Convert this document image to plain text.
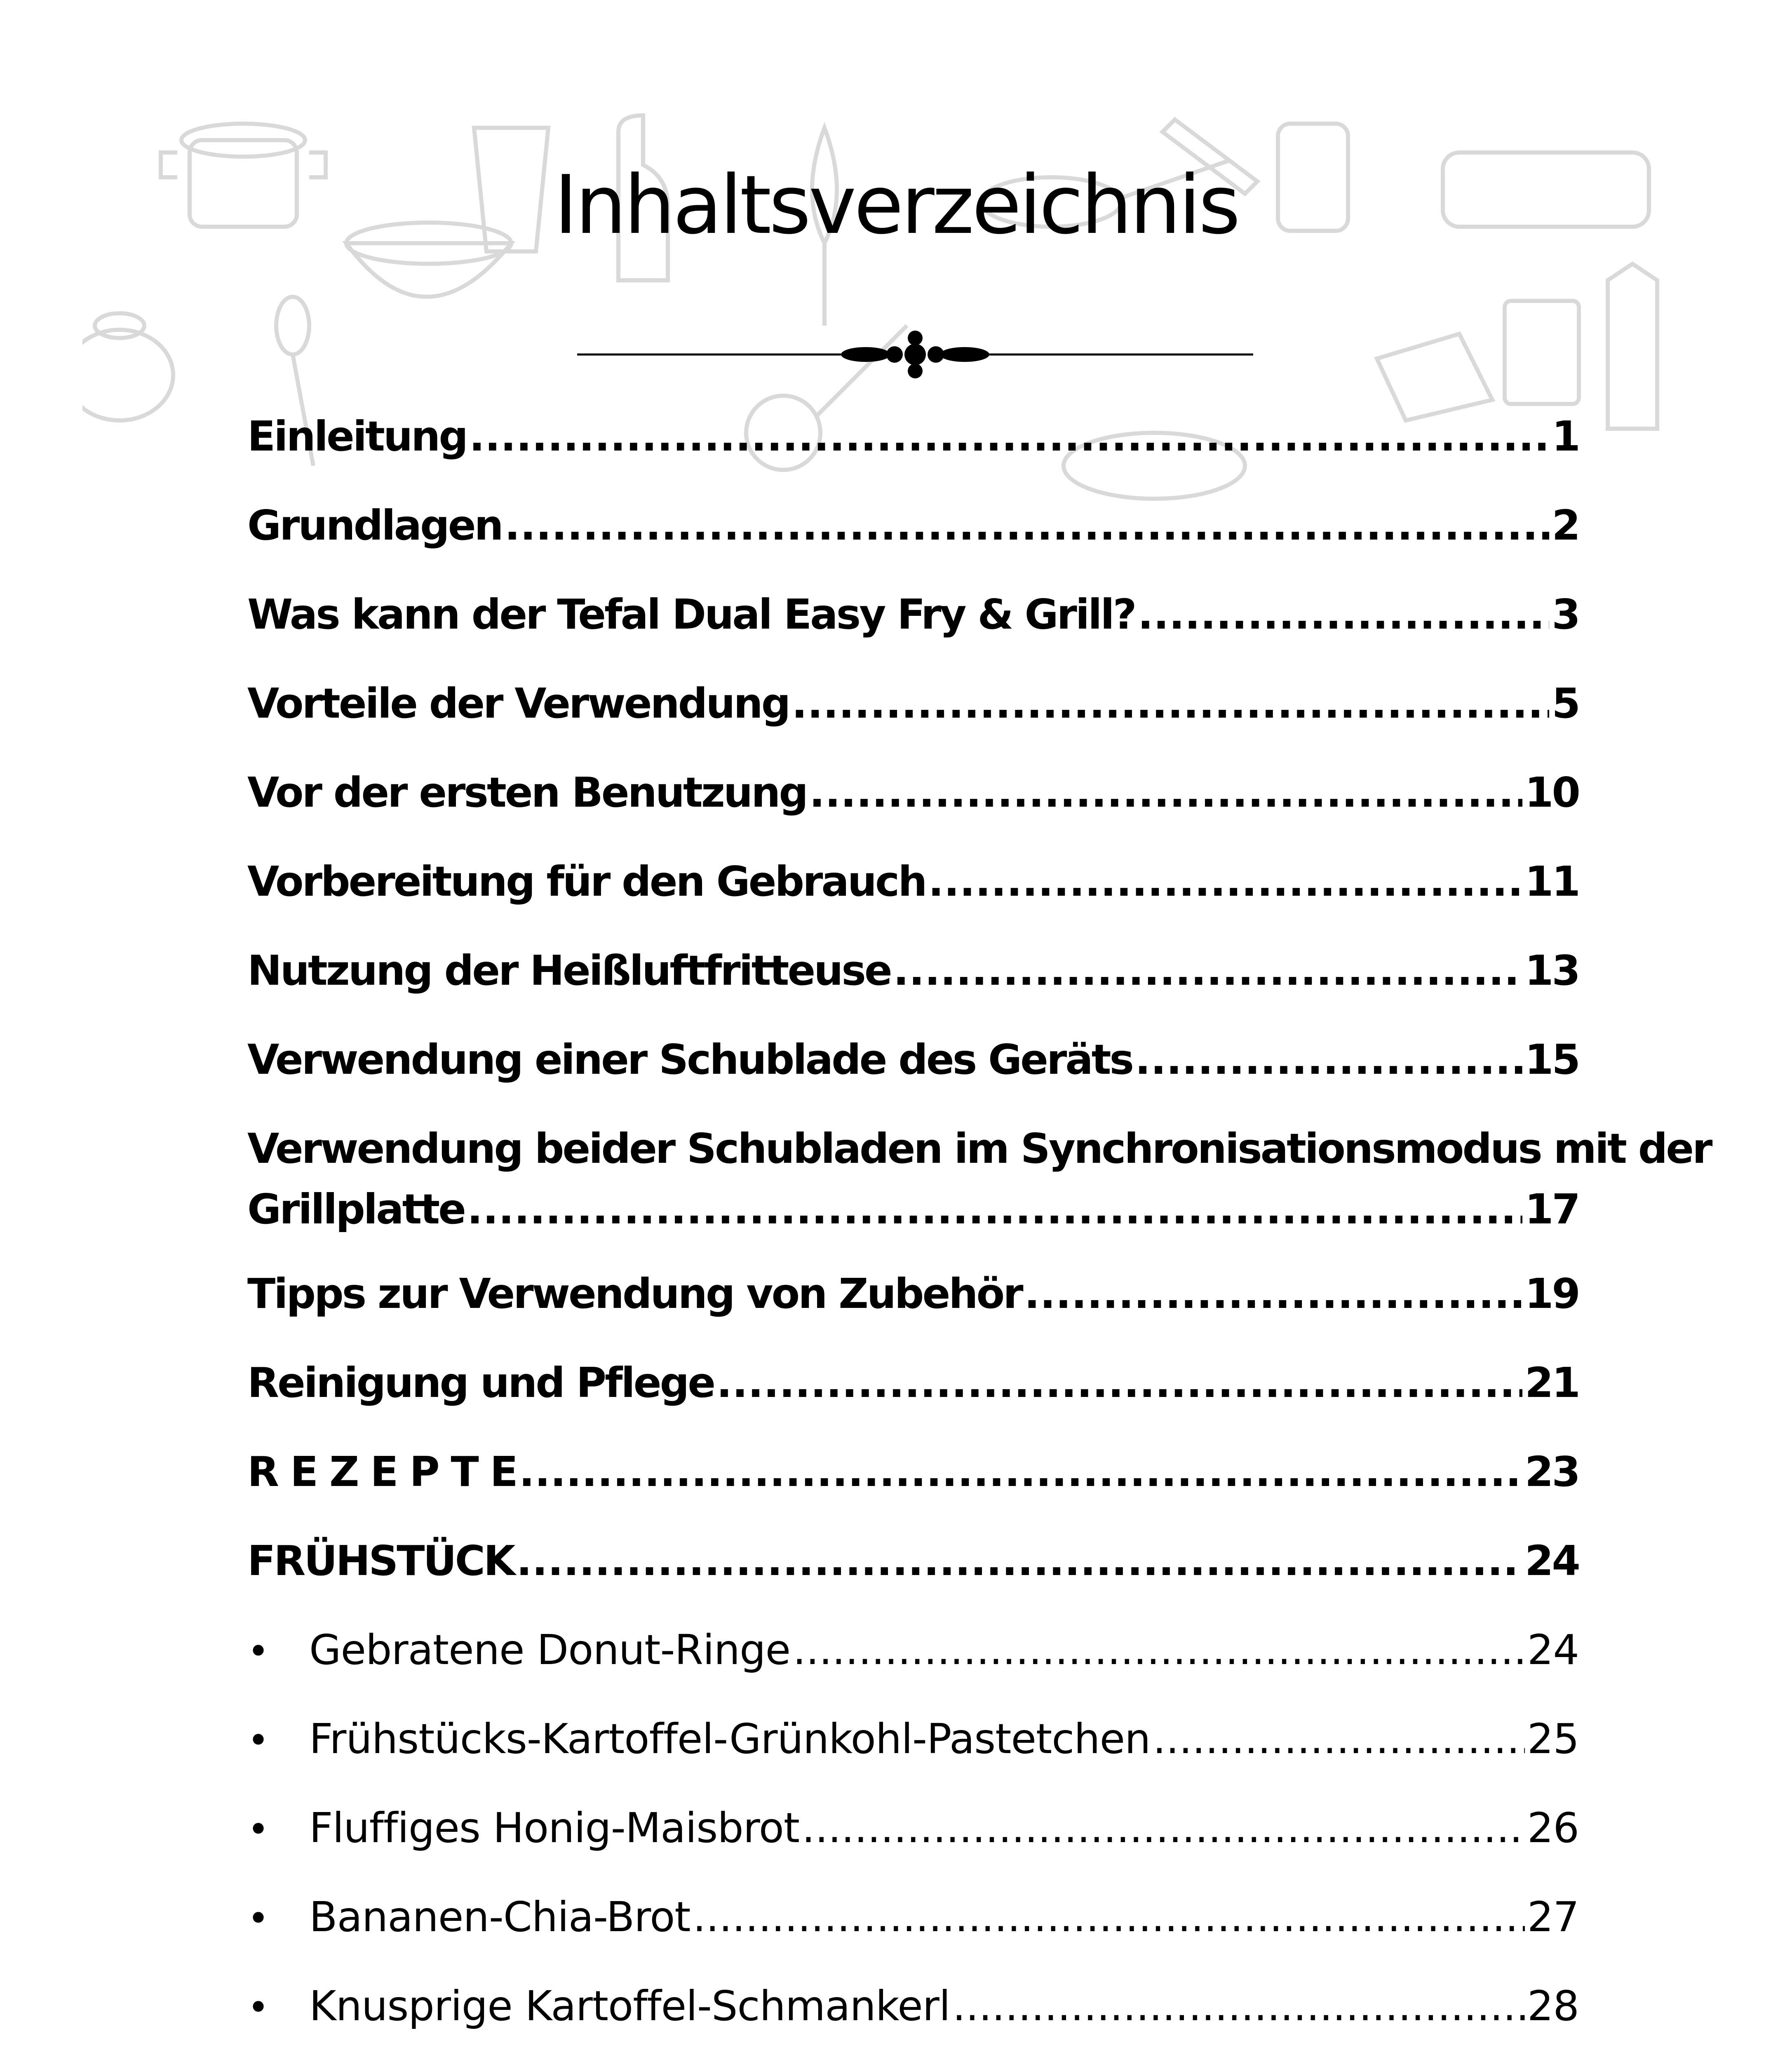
Inhaltsverzeichnis
Einleitung .....	1
Grundlagen .....	2
Was kann der Tefal Dual Easy Fry & Grill? .....	3
Vorteile der Verwendung .....	5
Vor der ersten Benutzung .....	10
Vorbereitung für den Gebrauch .....	11
Nutzung der Heißluftfritteuse .....	13
Verwendung einer Schublade des Geräts .....	15
Verwendung beider Schubladen im Synchronisationsmodus mit der
Grillplatte .....	17
Tipps zur Verwendung von Zubehör .....	19
Reinigung und Pflege .....	21
R E Z E P T E .....	23
FRÜHSTÜCK .....	24
• Gebratene Donut-Ringe .....	24
• Frühstücks-Kartoffel-Grünkohl-Pastetchen .....	25
• Fluffiges Honig-Maisbrot .....	26
• Bananen-Chia-Brot .....	27
• Knusprige Kartoffel-Schmankerl .....	28
